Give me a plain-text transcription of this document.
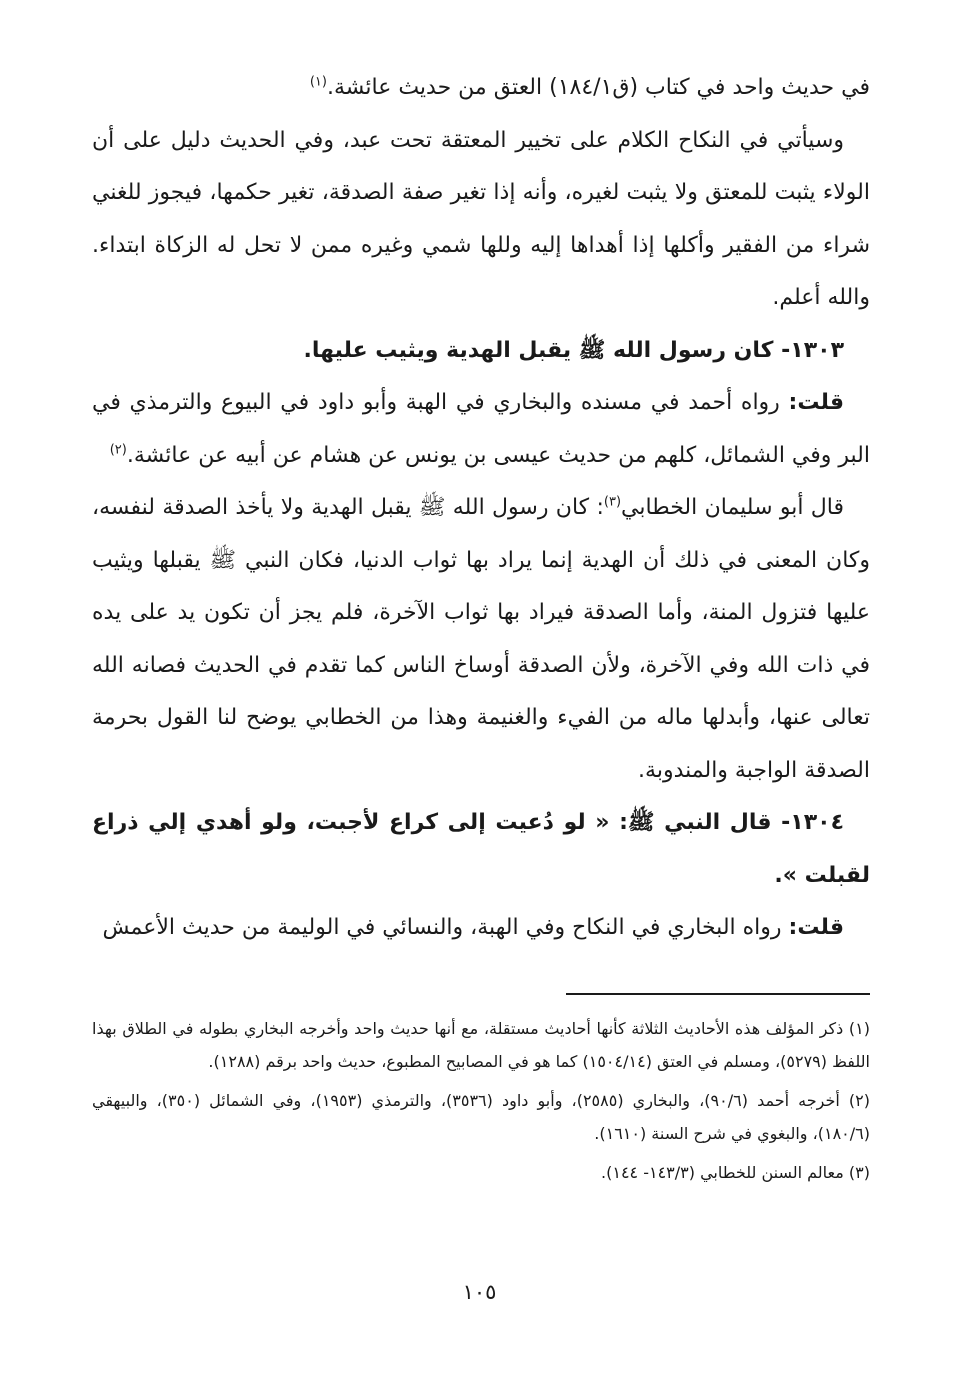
في حديث واحد في كتاب (ق١٨٤/١) العتق من حديث عائشة.$^{(١)}$

وسيأتي في النكاح الكلام على تخيير المعتقة تحت عبد، وفي الحديث دليل على أن الولاء يثبت للمعتق ولا يثبت لغيره، وأنه إذا تغير صفة الصدقة، تغير حكمها، فيجوز للغني شراء من الفقير وأكلها إذا أهداها إليه وللها شمي وغيره ممن لا تحل له الزكاة ابتداء. والله أعلم.

١٣٠٣- كان رسول الله ﷺ يقبل الهدية ويثيب عليها.

قلت: رواه أحمد في مسنده والبخاري في الهبة وأبو داود في البيوع والترمذي في البر وفي الشمائل، كلهم من حديث عيسى بن يونس عن هشام عن أبيه عن عائشة.$^{(٢)}$

قال أبو سليمان الخطابي$^{(٣)}$: كان رسول الله ﷺ يقبل الهدية ولا يأخذ الصدقة لنفسه، وكان المعنى في ذلك أن الهدية إنما يراد بها ثواب الدنيا، فكان النبي ﷺ يقبلها ويثيب عليها فتزول المنة، وأما الصدقة فيراد بها ثواب الآخرة، فلم يجز أن تكون يد على يده في ذات الله وفي الآخرة، ولأن الصدقة أوساخ الناس كما تقدم في الحديث فصانه الله تعالى عنها، وأبدلها ماله من الفيء والغنيمة وهذا من الخطابي يوضح لنا القول بحرمة الصدقة الواجبة والمندوبة.

١٣٠٤- قال النبي ﷺ: « لو دُعيت إلى كراع لأجبت، ولو أهدي إلي ذراع لقبلت ».

قلت: رواه البخاري في النكاح وفي الهبة، والنسائي في الوليمة من حديث الأعمش

(١) ذكر المؤلف هذه الأحاديث الثلاثة كأنها أحاديث مستقلة، مع أنها حديث واحد وأخرجه البخاري بطوله في الطلاق بهذا اللفظ (٥٢٧٩)، ومسلم في العتق (١٥٠٤/١٤) كما هو في المصابيح المطبوع، حديث واحد برقم (١٢٨٨).

(٢) أخرجه أحمد (٩٠/٦)، والبخاري (٢٥٨٥)، وأبو داود (٣٥٣٦)، والترمذي (١٩٥٣)، وفي الشمائل (٣٥٠)، والبيهقي (١٨٠/٦)، والبغوي في شرح السنة (١٦١٠).

(٣) معالم السنن للخطابي (١٤٣/٣- ١٤٤).

١٠٥
